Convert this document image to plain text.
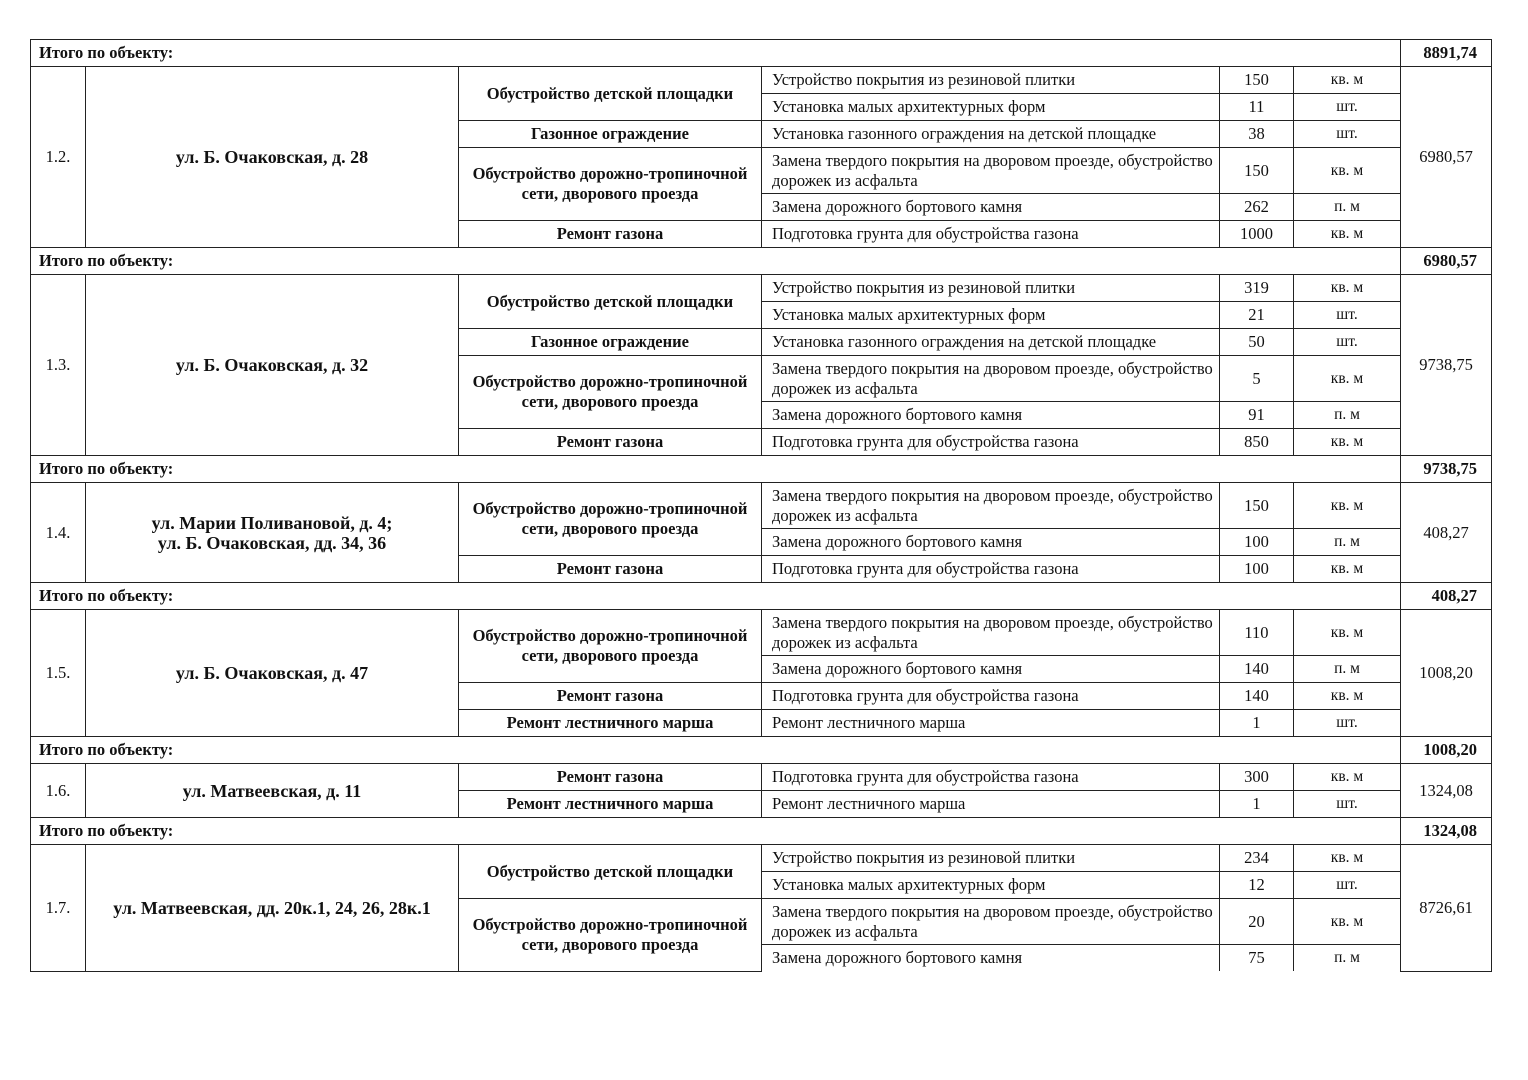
Итого по объекту:						8891,74
1.2.	ул. Б. Очаковская, д. 28	Обустройство детской площадки	Устройство покрытия из резиновой плитки	150	кв. м	6980,57
			Установка малых архитектурных форм	11	шт.	
		Газонное ограждение	Установка газонного ограждения на детской площадке	38	шт.	
		Обустройство дорожно-тропиночной сети, дворового проезда	Замена твердого покрытия на дворовом проезде, обустройство дорожек из асфальта	150	кв. м	
			Замена дорожного бортового камня	262	п. м	
		Ремонт газона	Подготовка грунта для обустройства газона	1000	кв. м	
Итого по объекту:						6980,57
1.3.	ул. Б. Очаковская, д. 32	Обустройство детской площадки	Устройство покрытия из резиновой плитки	319	кв. м	9738,75
			Установка малых архитектурных форм	21	шт.	
		Газонное ограждение	Установка газонного ограждения на детской площадке	50	шт.	
		Обустройство дорожно-тропиночной сети, дворового проезда	Замена твердого покрытия на дворовом проезде, обустройство дорожек из асфальта	5	кв. м	
			Замена дорожного бортового камня	91	п. м	
		Ремонт газона	Подготовка грунта для обустройства газона	850	кв. м	
Итого по объекту:						9738,75
1.4.	ул. Марии Поливановой, д. 4;
ул. Б. Очаковская, дд. 34, 36	Обустройство дорожно-тропиночной сети, дворового проезда	Замена твердого покрытия на дворовом проезде, обустройство дорожек из асфальта	150	кв. м	408,27
			Замена дорожного бортового камня	100	п. м	
		Ремонт газона	Подготовка грунта для обустройства газона	100	кв. м	
Итого по объекту:						408,27
1.5.	ул. Б. Очаковская, д. 47	Обустройство дорожно-тропиночной сети, дворового проезда	Замена твердого покрытия на дворовом проезде, обустройство дорожек из асфальта	110	кв. м	1008,20
			Замена дорожного бортового камня	140	п. м	
		Ремонт газона	Подготовка грунта для обустройства газона	140	кв. м	
		Ремонт лестничного марша	Ремонт лестничного марша	1	шт.	
Итого по объекту:						1008,20
1.6.	ул. Матвеевская, д. 11	Ремонт газона	Подготовка грунта для обустройства газона	300	кв. м	1324,08
		Ремонт лестничного марша	Ремонт лестничного марша	1	шт.	
Итого по объекту:						1324,08
1.7.	ул. Матвеевская, дд. 20к.1, 24, 26, 28к.1	Обустройство детской площадки	Устройство покрытия из резиновой плитки	234	кв. м	8726,61
			Установка малых архитектурных форм	12	шт.	
		Обустройство дорожно-тропиночной сети, дворового проезда	Замена твердого покрытия на дворовом проезде, обустройство дорожек из асфальта	20	кв. м	
			Замена дорожного бортового камня	75	п. м	
